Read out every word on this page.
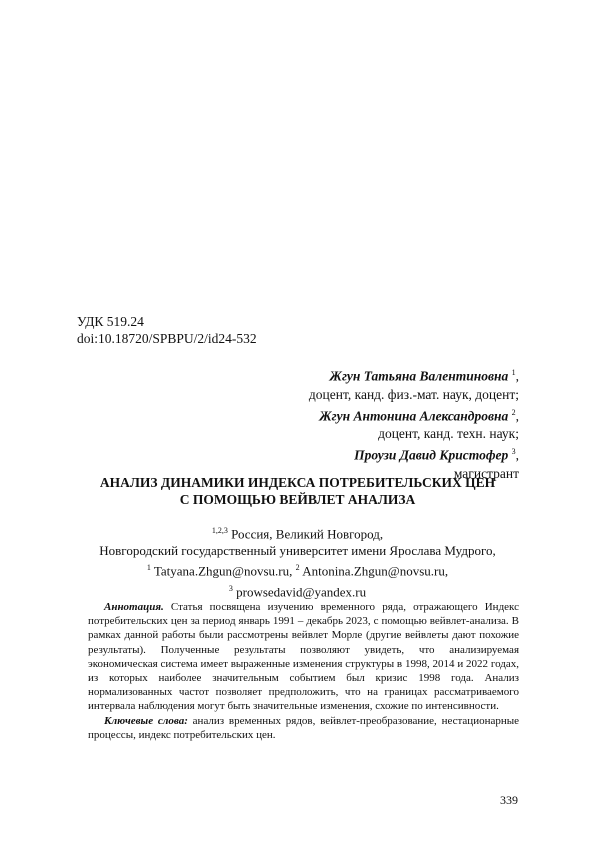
УДК 519.24
doi:10.18720/SPBPU/2/id24-532
Жгун Татьяна Валентиновна $^1$,
доцент, канд. физ.-мат. наук, доцент;
Жгун Антонина Александровна $^2$,
доцент, канд. техн. наук;
Проузи Давид Кристофер $^3$,
магистрант
АНАЛИЗ ДИНАМИКИ ИНДЕКСА ПОТРЕБИТЕЛЬСКИХ ЦЕН
С ПОМОЩЬЮ ВЕЙВЛЕТ АНАЛИЗА
$^{1,2,3}$ Россия, Великий Новгород,
Новгородский государственный университет имени Ярослава Мудрого,
$^1$ Tatyana.Zhgun@novsu.ru, $^2$ Antonina.Zhgun@novsu.ru,
$^3$ prowsedavid@yandex.ru

Аннотация. Статья посвящена изучению временного ряда, отражающего Индекс потребительских цен за период январь 1991 – декабрь 2023, с помощью вейвлет-анализа. В рамках данной работы были рассмотрены вейвлет Морле (другие вейвлеты дают похожие результаты). Полученные результаты позволяют увидеть, что анализируемая экономическая система имеет выраженные изменения структуры в 1998, 2014 и 2022 годах, из которых наиболее значительным событием был кризис 1998 года. Анализ нормализованных частот позволяет предположить, что на границах рассматриваемого интервала наблюдения могут быть значительные изменения, схожие по интенсивности.

Ключевые слова: анализ временных рядов, вейвлет-преобразование, нестационарные процессы, индекс потребительских цен.

339
